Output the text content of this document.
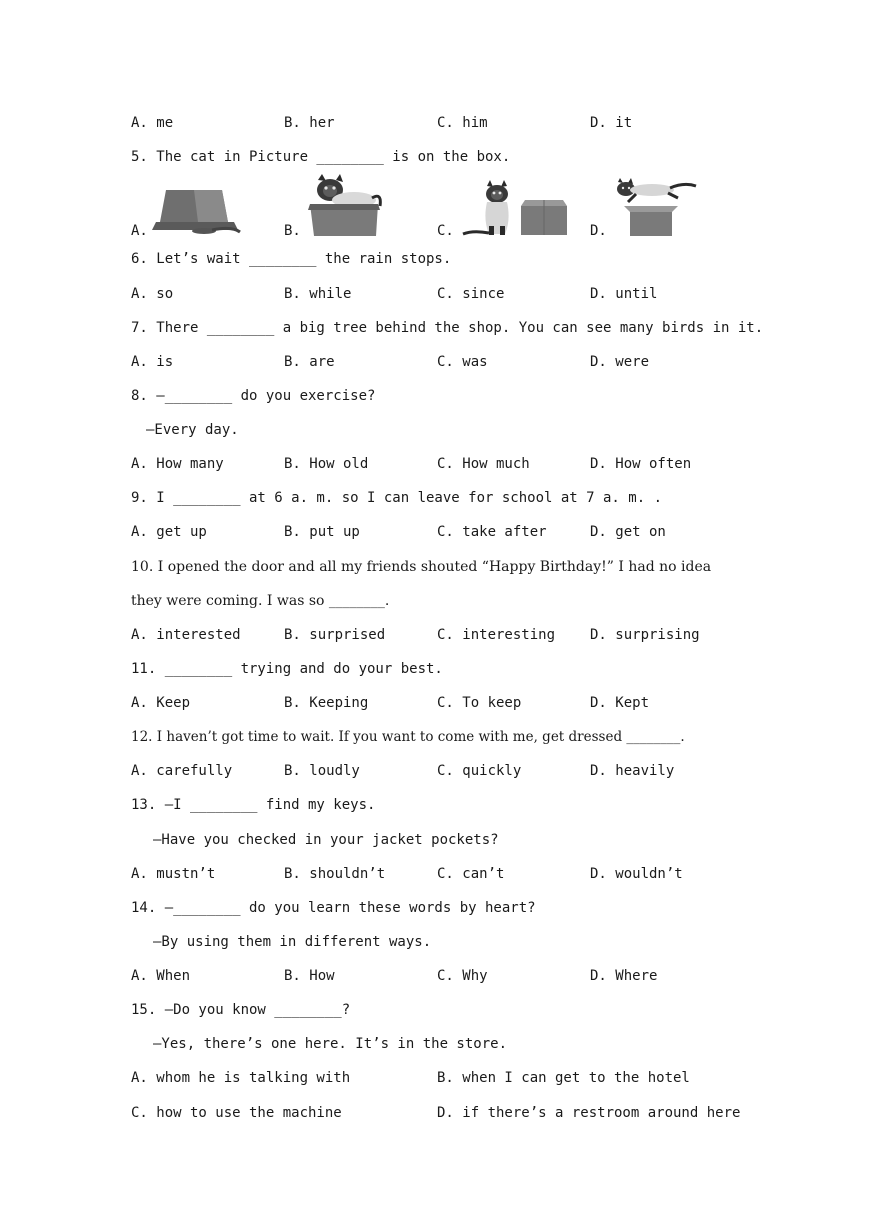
A. me	B. her	C. him	D. it
5. The cat in Picture ________ is on the box.
A.	B.	C.	D.
6. Let’s wait ________ the rain stops.
A. so	B. while	C. since	D. until
7. There ________ a big tree behind the shop. You can see many birds in it.
A. is	B. are	C. was	D. were
8. —________ do you exercise?
—Every day.
A. How many	B. How old	C. How much	D. How often
9. I ________ at 6 a. m. so I can leave for school at 7 a. m. .
A. get up	B. put up	C. take after	D. get on
10. I opened the door and all my friends shouted “Happy Birthday!” I had no idea
they were coming. I was so ________.
A. interested	B. surprised	C. interesting D. surprising
11. ________ trying and do your best.
A. Keep	B. Keeping	C. To keep	D. Kept
12. I haven’t got time to wait. If you want to come with me, get dressed ________.
A. carefully	B. loudly	C. quickly	D. heavily
13. —I ________ find my keys.
—Have you checked in your jacket pockets?
A. mustn’t	B. shouldn’t	C. can’t	D. wouldn’t
14. —________ do you learn these words by heart?
—By using them in different ways.
A. When	B. How	C. Why	D. Where
15. —Do you know ________?
—Yes, there’s one here. It’s in the store.
A. whom he is talking with	B. when I can get to the hotel
C. how to use the machine	D. if there’s a restroom around here
